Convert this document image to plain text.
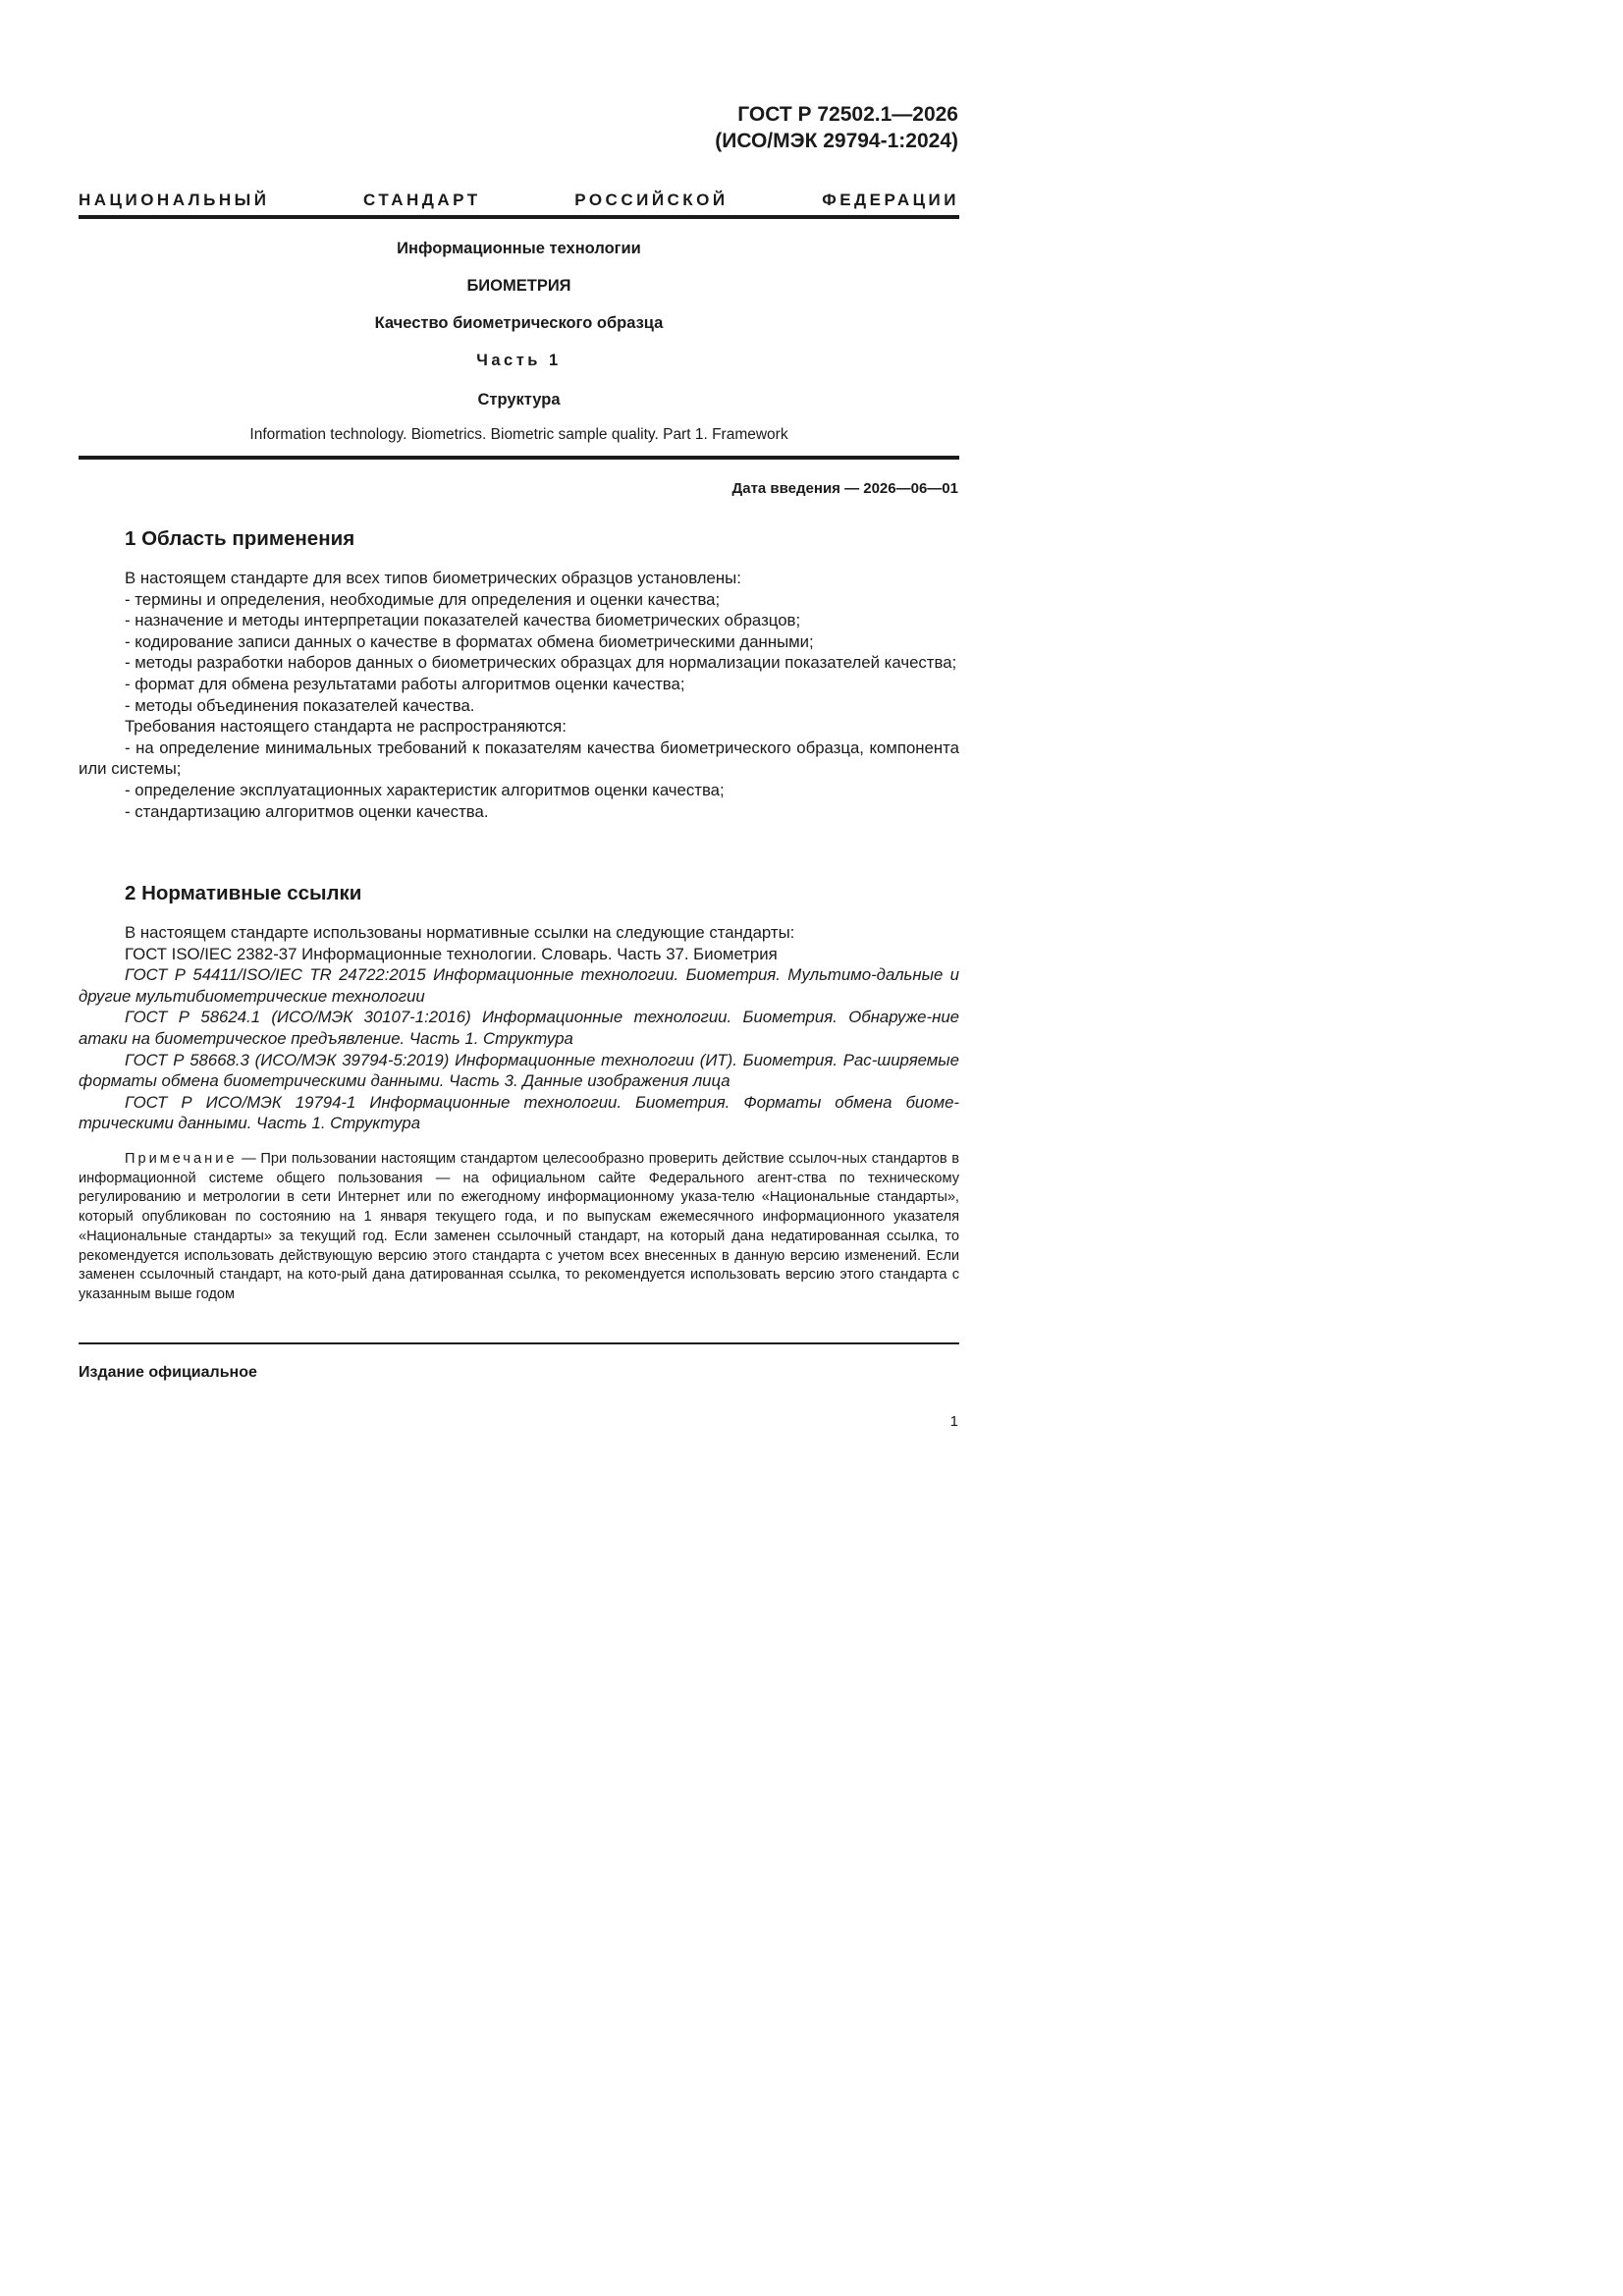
ГОСТ Р 72502.1—2026
(ИСО/МЭК 29794-1:2024)
НАЦИОНАЛЬНЫЙ	СТАНДАРТ	РОССИЙСКОЙ	ФЕДЕРАЦИИ
Информационные технологии
БИОМЕТРИЯ
Качество биометрического образца
Часть 1
Структура
Information technology. Biometrics. Biometric sample quality. Part 1. Framework
Дата введения — 2026—06—01
1 Область применения

В настоящем стандарте для всех типов биометрических образцов установлены:

- термины и определения, необходимые для определения и оценки качества;

- назначение и методы интерпретации показателей качества биометрических образцов;

- кодирование записи данных о качестве в форматах обмена биометрическими данными;

- методы разработки наборов данных о биометрических образцах для нормализации показателей качества;

- формат для обмена результатами работы алгоритмов оценки качества;

- методы объединения показателей качества.

Требования настоящего стандарта не распространяются:

- на определение минимальных требований к показателям качества биометрического образца, компонента или системы;

- определение эксплуатационных характеристик алгоритмов оценки качества;

- стандартизацию алгоритмов оценки качества.

2 Нормативные ссылки

В настоящем стандарте использованы нормативные ссылки на следующие стандарты:

ГОСТ ISO/IEC 2382-37 Информационные технологии. Словарь. Часть 37. Биометрия

ГОСТ Р 54411/ISO/IEC TR 24722:2015 Информационные технологии. Биометрия. Мультимо-дальные и другие мультибиометрические технологии

ГОСТ Р 58624.1 (ИСО/МЭК 30107-1:2016) Информационные технологии. Биометрия. Обнаруже-ние атаки на биометрическое предъявление. Часть 1. Структура

ГОСТ Р 58668.3 (ИСО/МЭК 39794-5:2019) Информационные технологии (ИТ). Биометрия. Рас-ширяемые форматы обмена биометрическими данными. Часть 3. Данные изображения лица

ГОСТ Р ИСО/МЭК 19794-1 Информационные технологии. Биометрия. Форматы обмена биоме-трическими данными. Часть 1. Структура

Примечание — При пользовании настоящим стандартом целесообразно проверить действие ссылоч-ных стандартов в информационной системе общего пользования — на официальном сайте Федерального агент-ства по техническому регулированию и метрологии в сети Интернет или по ежегодному информационному указа-телю «Национальные стандарты», который опубликован по состоянию на 1 января текущего года, и по выпускам ежемесячного информационного указателя «Национальные стандарты» за текущий год. Если заменен ссылочный стандарт, на который дана недатированная ссылка, то рекомендуется использовать действующую версию этого стандарта с учетом всех внесенных в данную версию изменений. Если заменен ссылочный стандарт, на кото-рый дана датированная ссылка, то рекомендуется использовать версию этого стандарта с указанным выше годом

Издание официальное
1
